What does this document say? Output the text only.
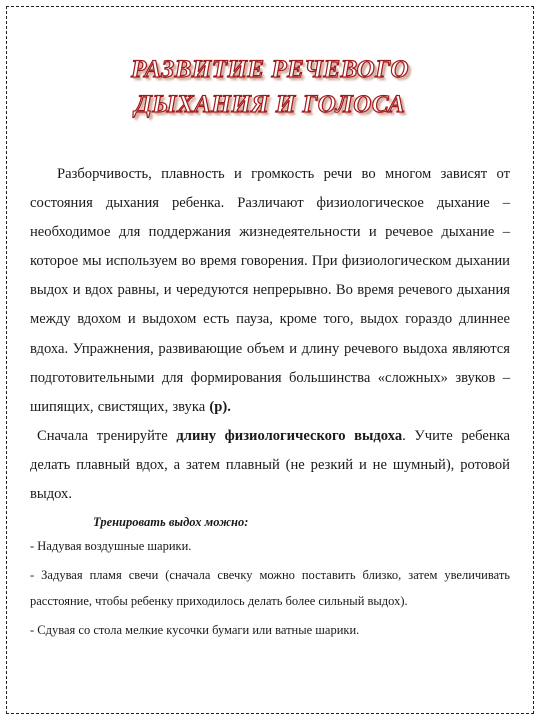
РАЗВИТИЕ РЕЧЕВОГО
ДЫХАНИЯ И ГОЛОСА

Разборчивость, плавность и громкость речи во многом зависят от состояния дыхания ребенка. Различают физиологическое дыхание – необходимое для поддержания жизнедеятельности и речевое дыхание – которое мы используем во время говорения. При физиологическом дыхании выдох и вдох равны, и чередуются непрерывно. Во время речевого дыхания между вдохом и выдохом есть пауза, кроме того, выдох гораздо длиннее вдоха. Упражнения, развивающие объем и длину речевого выдоха являются подготовительными для формирования большинства «сложных» звуков – шипящих, свистящих, звука (р).

Сначала тренируйте длину физиологического выдоха. Учите ребенка делать плавный вдох, а затем плавный (не резкий и не шумный), ротовой выдох.

Тренировать выдох можно:
- Надувая воздушные шарики.
- Задувая пламя свечи (сначала свечку можно поставить близко, затем увеличивать расстояние, чтобы ребенку приходилось делать более сильный выдох).
- Сдувая со стола мелкие кусочки бумаги или ватные шарики.
